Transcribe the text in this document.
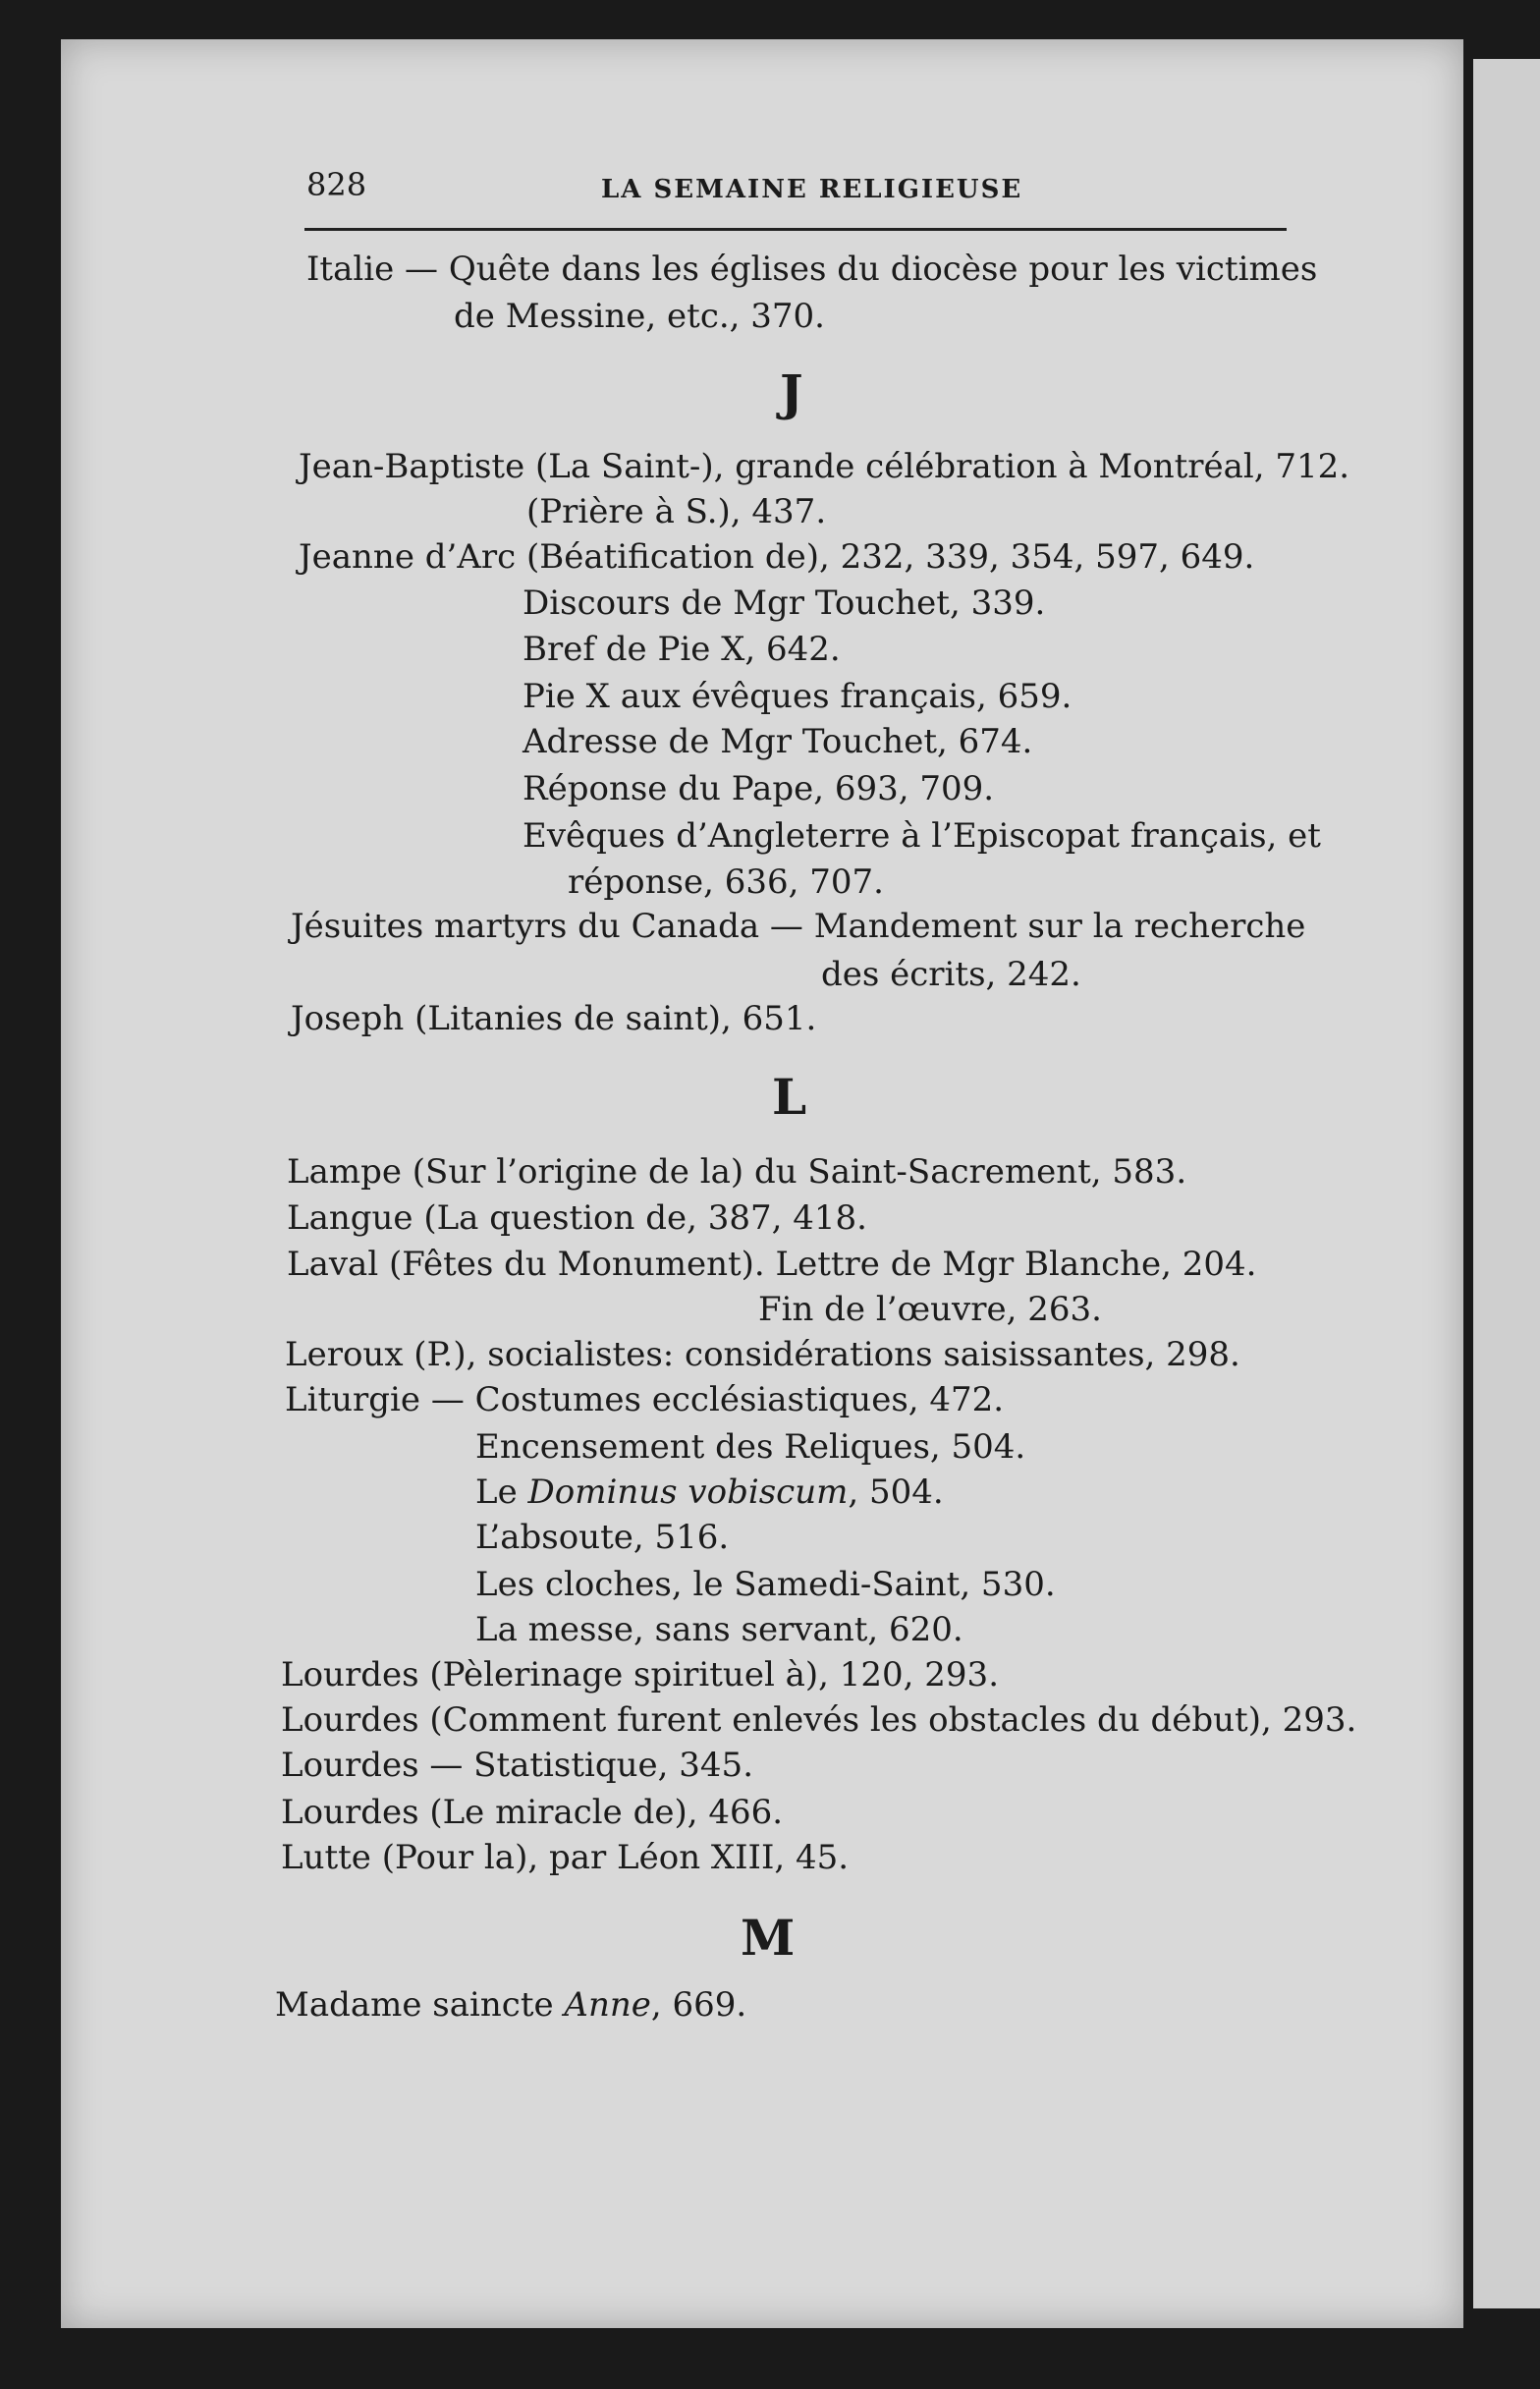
828	LA SEMAINE RELIGIEUSE
Italie — Quête dans les églises du diocèse pour les victimes
de Messine, etc., 370.
J
Jean-Baptiste (La Saint-), grande célébration à Montréal, 712.
(Prière à S.), 437.
Jeanne d’Arc (Béatification de), 232, 339, 354, 597, 649.
Discours de Mgr Touchet, 339.
Bref de Pie X, 642.
Pie X aux évêques français, 659.
Adresse de Mgr Touchet, 674.
Réponse du Pape, 693, 709.
Evêques d’Angleterre à l’Episcopat français, et
réponse, 636, 707.
Jésuites martyrs du Canada — Mandement sur la recherche
des écrits, 242.
Joseph (Litanies de saint), 651.
L
Lampe (Sur l’origine de la) du Saint-Sacrement, 583.
Langue (La question de, 387, 418.
Laval (Fêtes du Monument). Lettre de Mgr Blanche, 204.
Fin de l’œuvre, 263.
Leroux (P.), socialistes: considérations saisissantes, 298.
Liturgie — Costumes ecclésiastiques, 472.
Encensement des Reliques, 504.
Le Dominus vobiscum, 504.
L’absoute, 516.
Les cloches, le Samedi-Saint, 530.
La messe, sans servant, 620.
Lourdes (Pèlerinage spirituel à), 120, 293.
Lourdes (Comment furent enlevés les obstacles du début), 293.
Lourdes — Statistique, 345.
Lourdes (Le miracle de), 466.
Lutte (Pour la), par Léon XIII, 45.
M
Madame saincte Anne, 669.
